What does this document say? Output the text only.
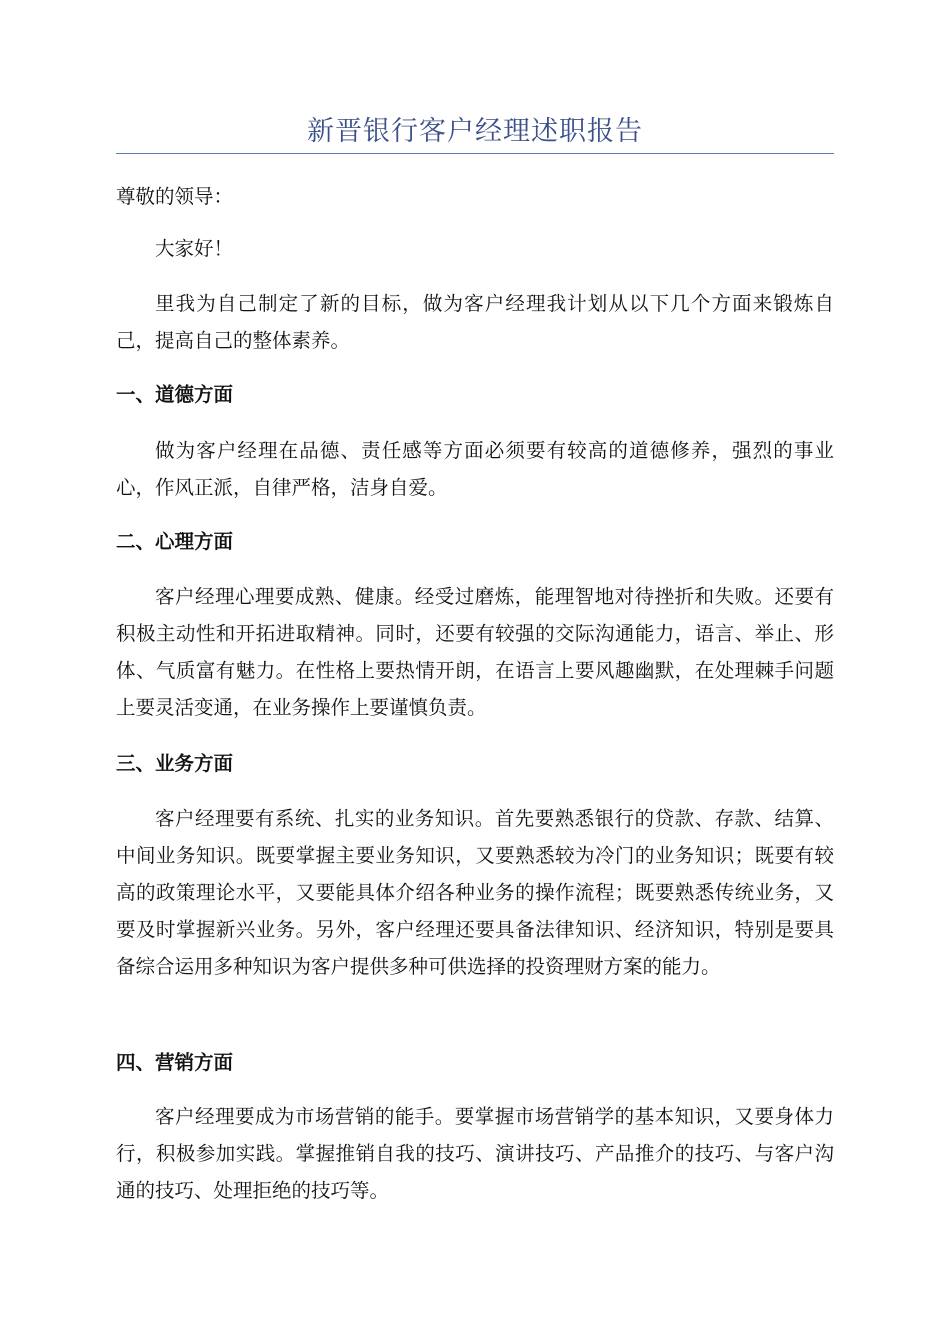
新晋银行客户经理述职报告

尊敬的领导：

大家好！

里我为自己制定了新的目标，做为客户经理我计划从以下几个方面来锻炼自己，提高自己的整体素养。

一、道德方面

做为客户经理在品德、责任感等方面必须要有较高的道德修养，强烈的事业心，作风正派，自律严格，洁身自爱。

二、心理方面

客户经理心理要成熟、健康。经受过磨炼，能理智地对待挫折和失败。还要有积极主动性和开拓进取精神。同时，还要有较强的交际沟通能力，语言、举止、形体、气质富有魅力。在性格上要热情开朗，在语言上要风趣幽默，在处理棘手问题上要灵活变通，在业务操作上要谨慎负责。

三、业务方面

客户经理要有系统、扎实的业务知识。首先要熟悉银行的贷款、存款、结算、中间业务知识。既要掌握主要业务知识，又要熟悉较为冷门的业务知识；既要有较高的政策理论水平，又要能具体介绍各种业务的操作流程；既要熟悉传统业务，又要及时掌握新兴业务。另外，客户经理还要具备法律知识、经济知识，特别是要具备综合运用多种知识为客户提供多种可供选择的投资理财方案的能力。

四、营销方面

客户经理要成为市场营销的能手。要掌握市场营销学的基本知识，又要身体力行，积极参加实践。掌握推销自我的技巧、演讲技巧、产品推介的技巧、与客户沟通的技巧、处理拒绝的技巧等。
